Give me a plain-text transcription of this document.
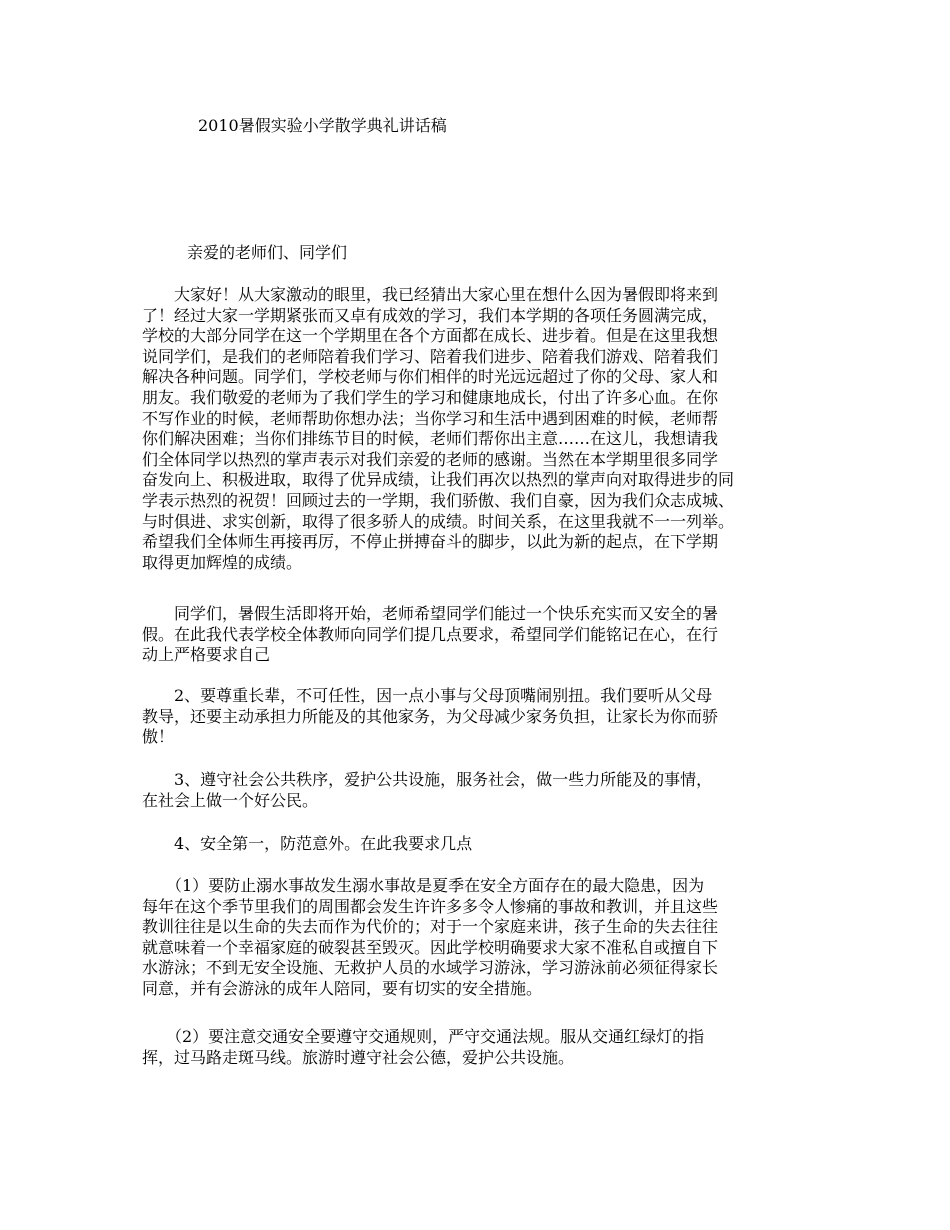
2010暑假实验小学散学典礼讲话稿
亲爱的老师们、同学们

　　大家好！从大家激动的眼里，我已经猜出大家心里在想什么因为暑假即将来到
了！经过大家一学期紧张而又卓有成效的学习，我们本学期的各项任务圆满完成，
学校的大部分同学在这一个学期里在各个方面都在成长、进步着。但是在这里我想
说同学们，是我们的老师陪着我们学习、陪着我们进步、陪着我们游戏、陪着我们
解决各种问题。同学们，学校老师与你们相伴的时光远远超过了你的父母、家人和
朋友。我们敬爱的老师为了我们学生的学习和健康地成长，付出了许多心血。在你
不写作业的时候，老师帮助你想办法；当你学习和生活中遇到困难的时候，老师帮
你们解决困难；当你们排练节目的时候，老师们帮你出主意……在这儿，我想请我
们全体同学以热烈的掌声表示对我们亲爱的老师的感谢。当然在本学期里很多同学
奋发向上、积极进取，取得了优异成绩，让我们再次以热烈的掌声向对取得进步的同
学表示热烈的祝贺！回顾过去的一学期，我们骄傲、我们自豪，因为我们众志成城、
与时俱进、求实创新，取得了很多骄人的成绩。时间关系，在这里我就不一一列举。
希望我们全体师生再接再厉，不停止拼搏奋斗的脚步，以此为新的起点，在下学期
取得更加辉煌的成绩。

　　同学们，暑假生活即将开始，老师希望同学们能过一个快乐充实而又安全的暑
假。在此我代表学校全体教师向同学们提几点要求，希望同学们能铭记在心，在行
动上严格要求自己

　　2、要尊重长辈，不可任性，因一点小事与父母顶嘴闹别扭。我们要听从父母
教导，还要主动承担力所能及的其他家务，为父母减少家务负担，让家长为你而骄
傲！

　　3、遵守社会公共秩序，爱护公共设施，服务社会，做一些力所能及的事情，
在社会上做一个好公民。

　　4、安全第一，防范意外。在此我要求几点

　　（1）要防止溺水事故发生溺水事故是夏季在安全方面存在的最大隐患，因为
每年在这个季节里我们的周围都会发生许许多多令人惨痛的事故和教训，并且这些
教训往往是以生命的失去而作为代价的；对于一个家庭来讲，孩子生命的失去往往
就意味着一个幸福家庭的破裂甚至毁灭。因此学校明确要求大家不准私自或擅自下
水游泳；不到无安全设施、无救护人员的水域学习游泳，学习游泳前必须征得家长
同意，并有会游泳的成年人陪同，要有切实的安全措施。

　　（2）要注意交通安全要遵守交通规则，严守交通法规。服从交通红绿灯的指
挥，过马路走斑马线。旅游时遵守社会公德，爱护公共设施。
